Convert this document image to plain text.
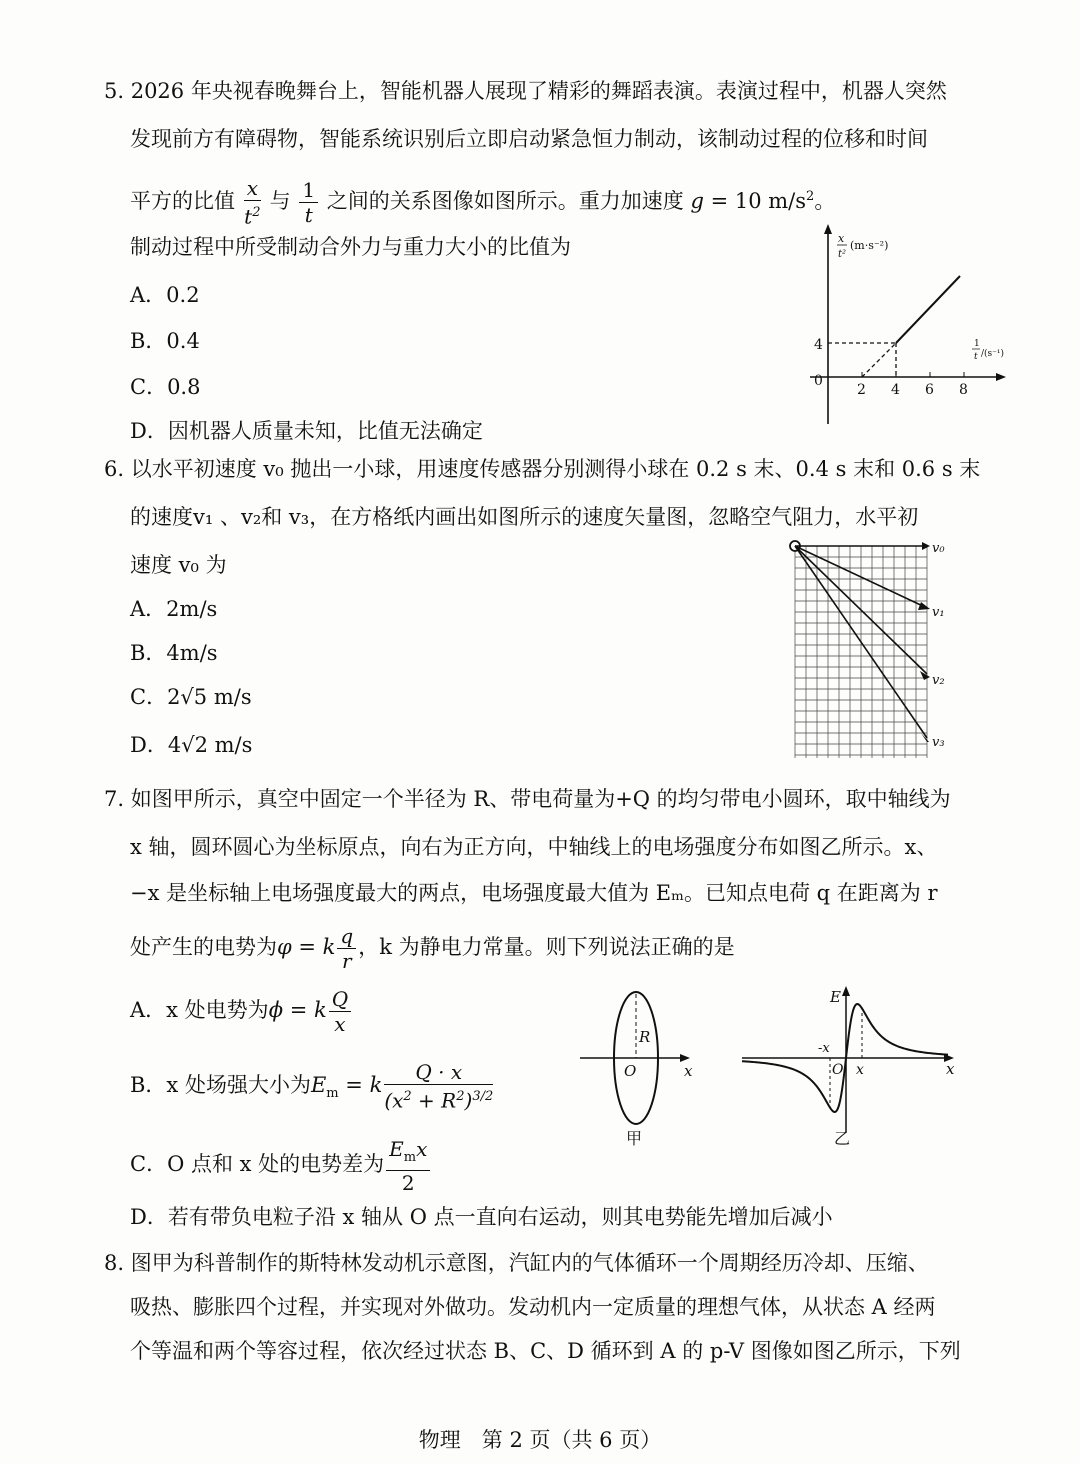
5. 2026 年央视春晚舞台上，智能机器人展现了精彩的舞蹈表演。表演过程中，机器人突然
发现前方有障碍物，智能系统识别后立即启动紧急恒力制动，该制动过程的位移和时间
平方的比值 $\frac{x}{t^2}$ 与 $\frac{1}{t}$ 之间的关系图像如图所示。重力加速度 g = 10 $m/s^2$。
制动过程中所受制动合外力与重力大小的比值为
A．0.2
B．0.4
C．0.8
D．因机器人质量未知，比值无法确定
x
t²
(m·s⁻²)
1
t /(s⁻¹)
4
0
2 4 6 8
6. 以水平初速度 v₀ 抛出一小球，用速度传感器分别测得小球在 0.2 s 末、0.4 s 末和 0.6 s 末
的速度v₁ 、v₂和 v₃，在方格纸内画出如图所示的速度矢量图，忽略空气阻力，水平初
速度 v₀ 为
A．2m/s
B．4m/s
C．2√5 m/s
D．4√2 m/s
v₀
v₁
v₂
v₃
7. 如图甲所示，真空中固定一个半径为 R、带电荷量为+Q 的均匀带电小圆环，取中轴线为
x 轴，圆环圆心为坐标原点，向右为正方向，中轴线上的电场强度分布如图乙所示。x、
−x 是坐标轴上电场强度最大的两点，电场强度最大值为 Eₘ。已知点电荷 q 在距离为 r
处产生的电势为φ = k $\frac{q}{r}$ ，k 为静电力常量。则下列说法正确的是
A．x 处电势为ϕ = k $\frac{Q}{x}$
B．x 处场强大小为$E_m = k \frac{Q \cdot x}{(x^2 + R^2)^{3/2}}$
C．O 点和 x 处的电势差为 $\frac{E_mx}{2}$
D．若有带负电粒子沿 x 轴从 O 点一直向右运动，则其电势能先增加后减小
R
O	x
甲
E
-x
O x	x
乙
8. 图甲为科普制作的斯特林发动机示意图，汽缸内的气体循环一个周期经历冷却、压缩、
吸热、膨胀四个过程，并实现对外做功。发动机内一定质量的理想气体，从状态 A 经两
个等温和两个等容过程，依次经过状态 B、C、D 循环到 A 的 p-V 图像如图乙所示，下列
物理　第 2 页（共 6 页）
